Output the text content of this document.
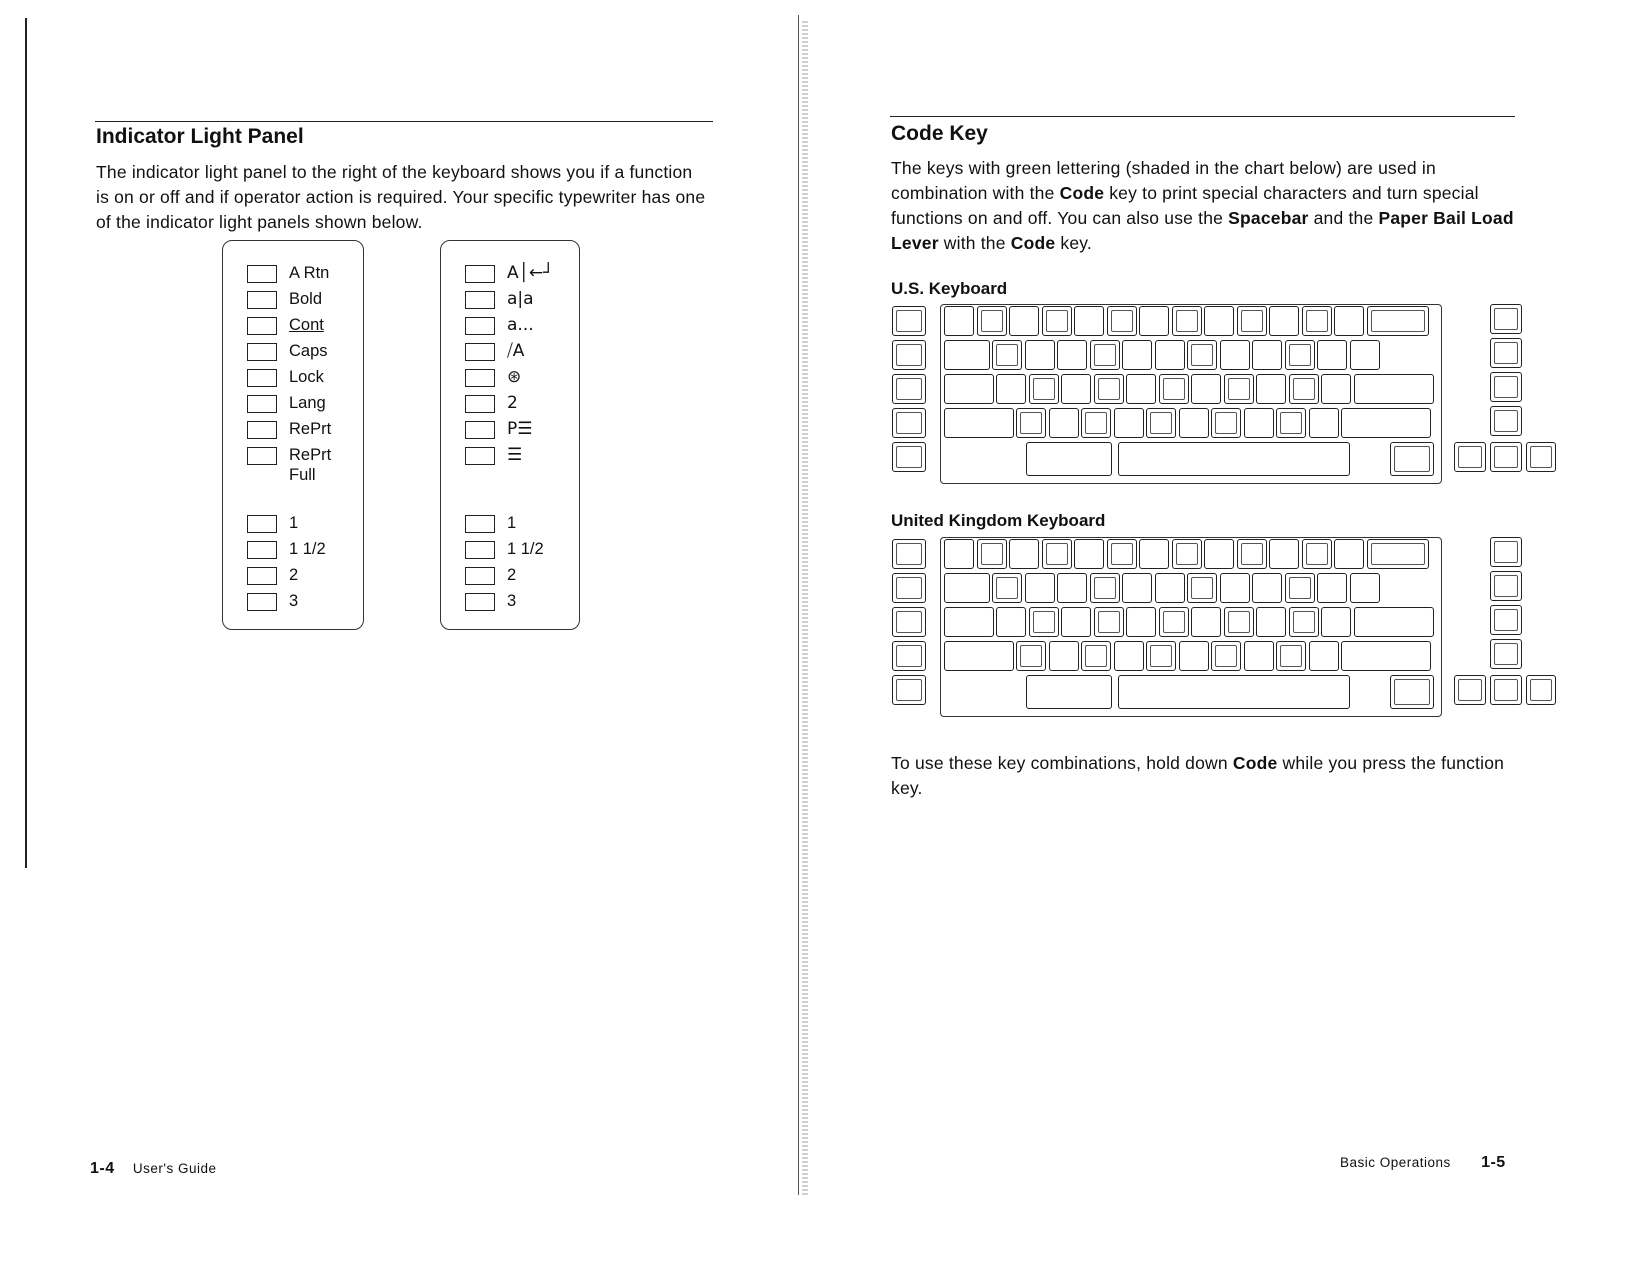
Indicator Light Panel
The indicator light panel to the right of the keyboard shows you if a function is on or off and if operator action is required. Your specific typewriter has one of the indicator light panels shown below.
A Rtn
Bold
Cont
Caps
Lock
Lang
RePrt
RePrt
Full
1
1 1/2
2
3
A│←┘
a|a
a...
⧸A
⊛
2
P☰
☰
1
1 1/2
2
3
1-4 User's Guide
Code Key
The keys with green lettering (shaded in the chart below) are used in combination with the Code key to print special characters and turn special functions on and off. You can also use the Spacebar and the Paper Bail Load Lever with the Code key.
U.S. Keyboard
United Kingdom Keyboard
To use these key combinations, hold down Code while you press the function key.
Basic Operations 1-5
